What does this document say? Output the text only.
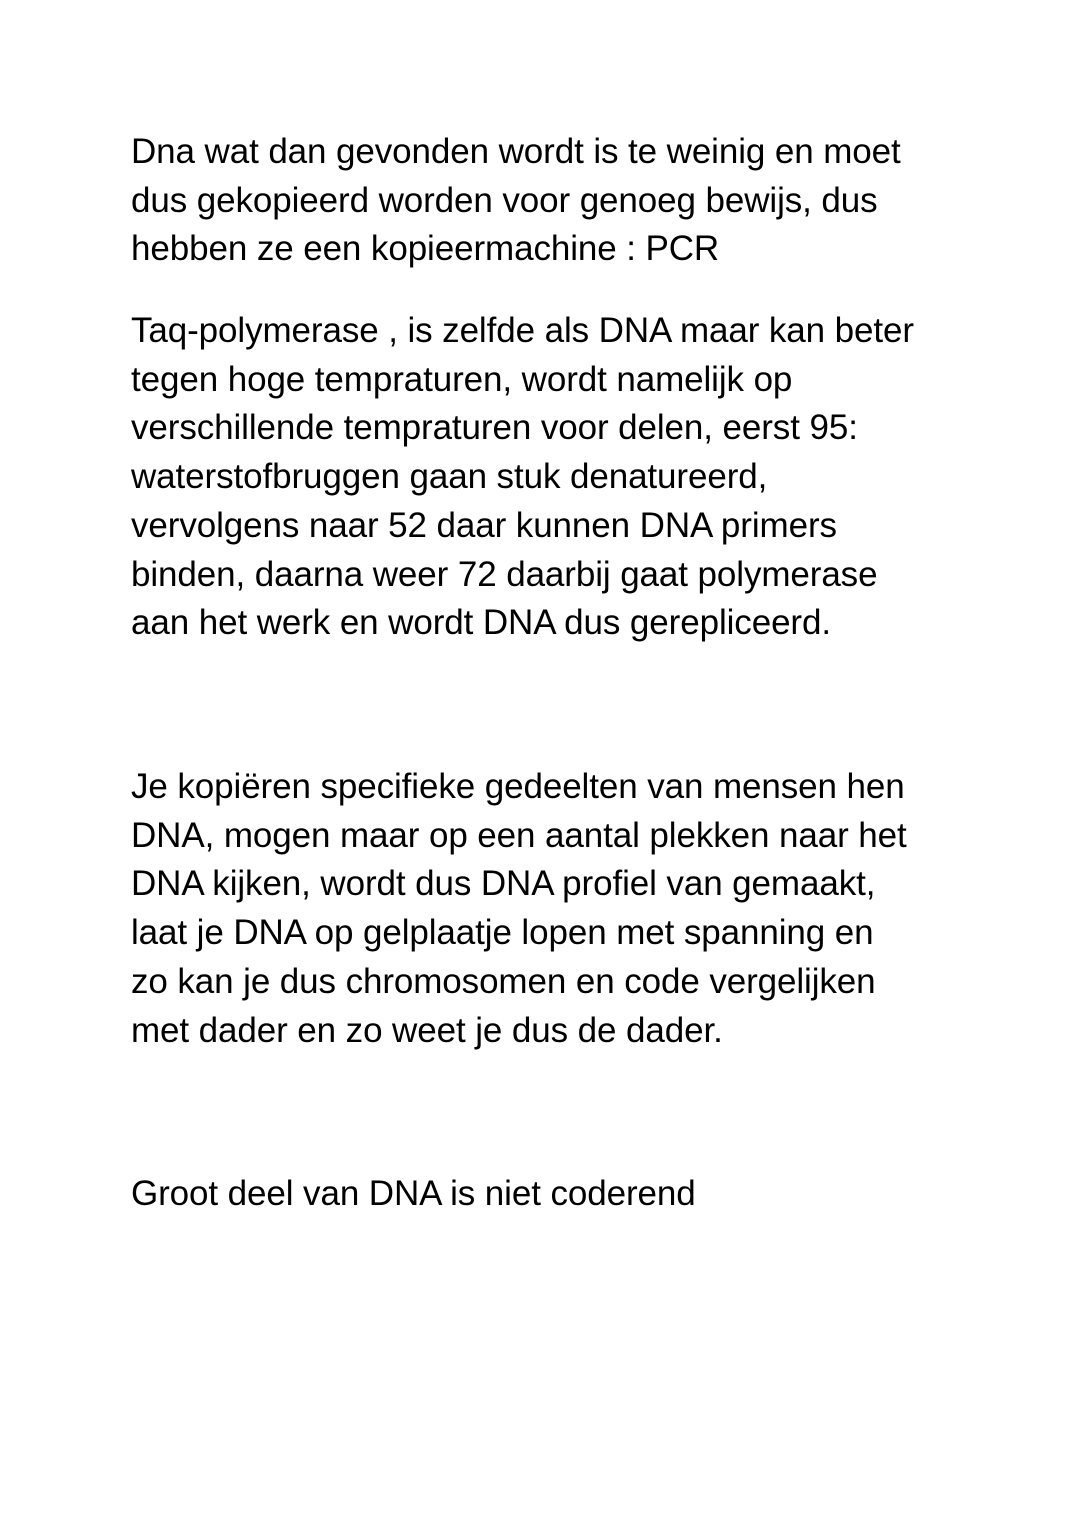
Dna wat dan gevonden wordt is te weinig en moet
dus gekopieerd worden voor genoeg bewijs, dus
hebben ze een kopieermachine : PCR

Taq-polymerase , is zelfde als DNA maar kan beter
tegen hoge tempraturen, wordt namelijk op
verschillende tempraturen voor delen, eerst 95:
waterstofbruggen gaan stuk denatureerd,
vervolgens naar 52 daar kunnen DNA primers
binden, daarna weer 72 daarbij gaat polymerase
aan het werk en wordt DNA dus gerepliceerd.

Je kopiëren specifieke gedeelten van mensen hen
DNA, mogen maar op een aantal plekken naar het
DNA kijken, wordt dus DNA profiel van gemaakt,
laat je DNA op gelplaatje lopen met spanning en
zo kan je dus chromosomen en code vergelijken
met dader en zo weet je dus de dader.

Groot deel van DNA is niet coderend
